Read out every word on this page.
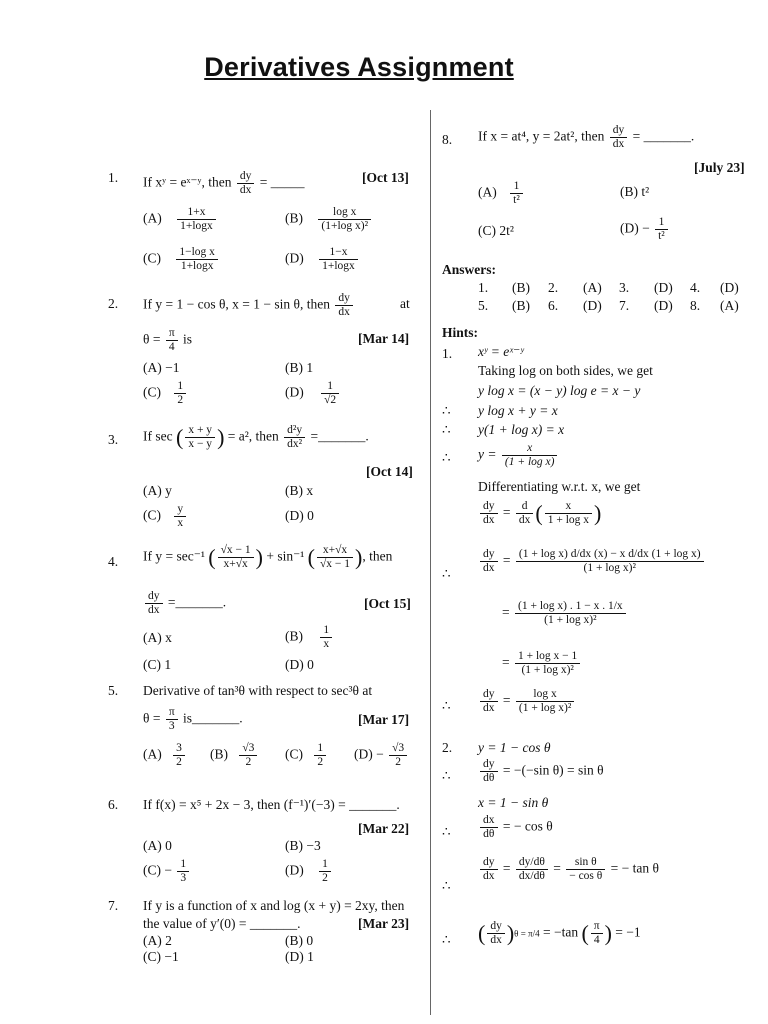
Derivatives Assignment
1. If xʸ = eˣ⁻ʸ, then $\frac{dy}{dx}$ = _____	[Oct 13]
$(A) \frac{1+x}{1+\log x}$	$(B) \frac{\text{log x}}{\text{(1+log x)²}}$
$(C) \frac{\text{1−log x}}{1+\log x}$	$(D) \frac{1-x}{1+\log x}$
2. If y = 1 − cos θ, x = 1 − sin θ, then $\frac{dy}{dx}$	at
$\theta = \frac{\pi}{4}$ is	[Mar 14]
(A) −1	(B) 1
$(C) \frac{1}{2}$	$(D) \frac{1}{√2}$
3. If sec ( $\frac{x + y}{x - y}$ ) = a², then $\frac{\text{d²y}}{\text{dx²}}$ =_______.
[Oct 14]
(A) y	(B) x
$(C) \frac{y}{x}$	(D) 0
4. If y = sec⁻¹ ( $\frac{√x - 1}{x+√x}$ ) + sin⁻¹ ( $\frac{x+√x}{√x - 1}$ ), then
$\frac{dy}{dx}$ =_______.	[Oct 15]
(A) x	$(B) \frac{1}{x}$
(C) 1	(D) 0
5. Derivative of tan³θ with respect to sec³θ at
$\theta = \frac{\pi}{3}$ is_______.	[Mar 17]
$(A) \frac{3}{2} (B) \frac{√3}{2} (C) \frac{1}{2} (D) - \frac{√3}{2}$
6. If f(x) = x⁵ + 2x − 3, then (f⁻¹)′(−3) = _______.
[Mar 22]
(A) 0	(B) −3
$(C) - \frac{1}{3}$	$(D) \frac{1}{2}$
7. If y is a function of x and log (x + y) = 2xy, then
the value of y′(0) = _______.	[Mar 23]
(A) 2	(B) 0
(C) −1	(D) 1
8. If x = at⁴, y = 2at², then $\frac{dy}{dx}$ = _______.
[July 23]
$(A) \frac{1}{\text{t²}}$	(B) t²
(C) 2t²	$(D) - \frac{1}{\text{t²}}$
Answers:
1. (B) 2. (A) 3. (D) 4. (D)
5. (B) 6. (D) 7. (D) 8. (A)
Hints:
1. xʸ = eˣ⁻ʸ
Taking log on both sides, we get
y log x = (x − y) log e = x − y
∴ y log x + y = x
∴ y(1 + log x) = x
∴ $y = \frac{x}{\text{(1 + log x)}}$
Differentiating w.r.t. x, we get
$\frac{dy}{dx} = \frac{d}{dx}$ ( $\frac{x}{\text{1 + log x}}$ )
∴	$\frac{dy}{dx} = \frac{\text{(1 + log x) d/dx (x) − x d/dx (1 + log x)}}{\text{(1 + log x)²}}$
= $\frac{\text{(1 + log x) . 1 − x . 1/x}}{\text{(1 + log x)²}}$
= $\frac{\text{1 + log x − 1}}{\text{(1 + log x)²}}$
∴	$\frac{dy}{dx} = \frac{\text{log x}}{\text{(1 + log x)²}}$
2. y = 1 − cos θ
∴	$\frac{dy}{d\theta} = -(-\sin$ θ) = sin θ
x = 1 − sin θ
∴	$\frac{dx}{d\theta}$ = − cos θ
∴
$\frac{dy}{dx} = \frac{dy/d\theta}{dx/d\theta} = \frac{\text{sin θ}}{\text{− cos θ}}$ = − tan θ
∴ ( $\frac{dy}{dx} )\theta = \pi/4 = -\tan$ ( $\frac{\pi}{4}$ ) = −1
